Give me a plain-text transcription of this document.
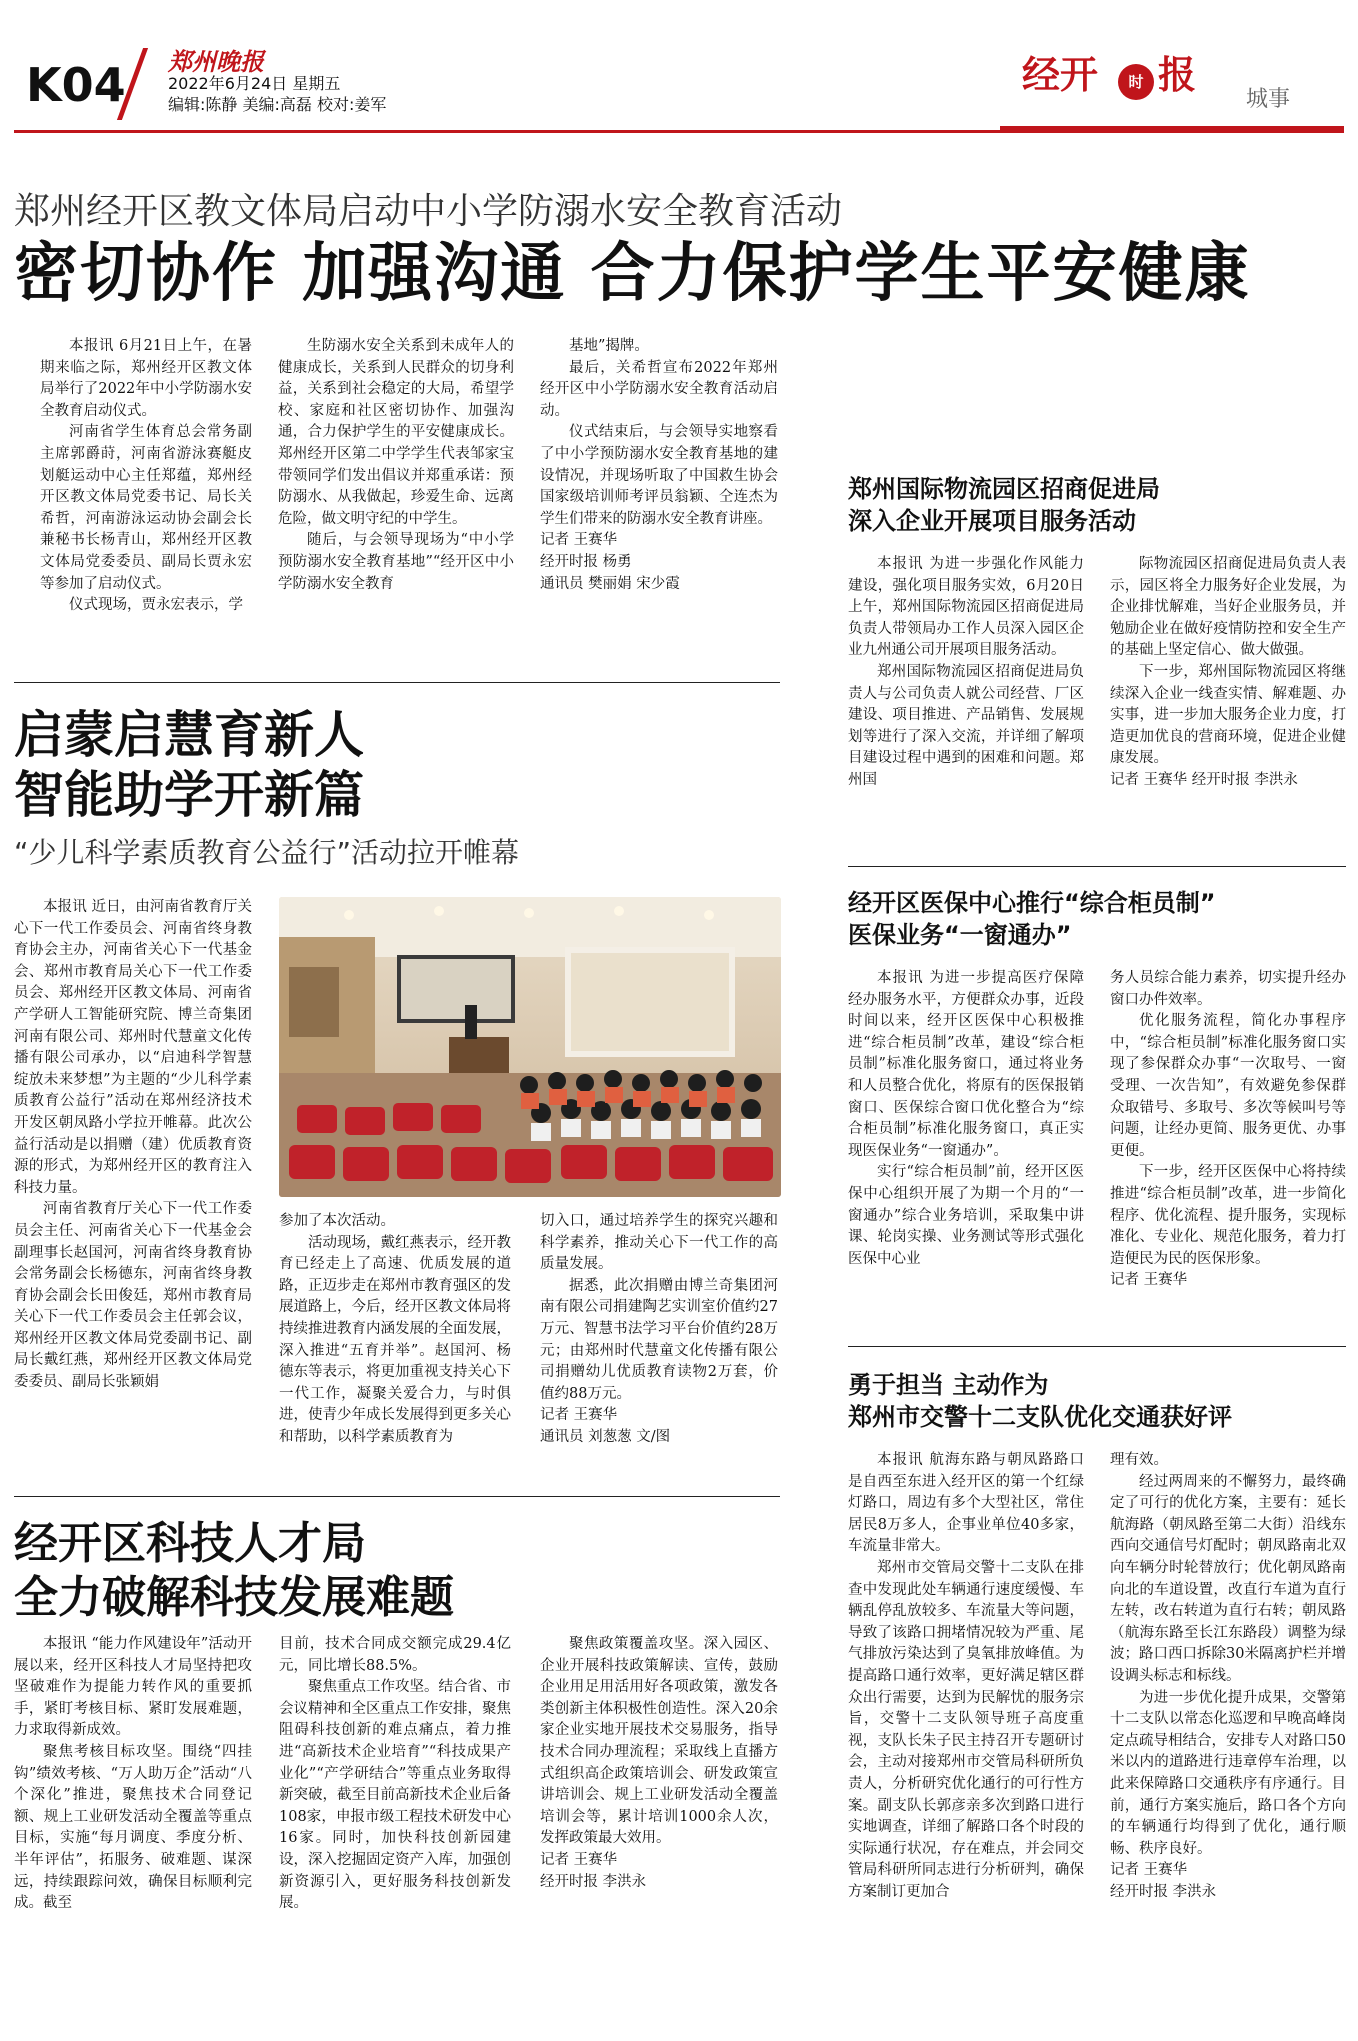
K04 郑州晚报
2022年6月24日 星期五
编辑:陈静 美编:高磊 校对:姜军
经开	时 报
城事
郑州经开区教文体局启动中小学防溺水安全教育活动
密切协作 加强沟通 合力保护学生平安健康

本报讯 6月21日上午，在暑期来临之际，郑州经开区教文体局举行了2022年中小学防溺水安全教育启动仪式。

河南省学生体育总会常务副主席郭爵莳，河南省游泳赛艇皮划艇运动中心主任郑蕴，郑州经开区教文体局党委书记、局长关希哲，河南游泳运动协会副会长兼秘书长杨青山，郑州经开区教文体局党委委员、副局长贾永宏等参加了启动仪式。

仪式现场，贾永宏表示，学

生防溺水安全关系到未成年人的健康成长，关系到人民群众的切身利益，关系到社会稳定的大局，希望学校、家庭和社区密切协作、加强沟通，合力保护学生的平安健康成长。郑州经开区第二中学学生代表邹家宝带领同学们发出倡议并郑重承诺：预防溺水、从我做起，珍爱生命、远离危险，做文明守纪的中学生。

随后，与会领导现场为“中小学预防溺水安全教育基地”“经开区中小学防溺水安全教育

基地”揭牌。

最后，关希哲宣布2022年郑州经开区中小学防溺水安全教育活动启动。

仪式结束后，与会领导实地察看了中小学预防溺水安全教育基地的建设情况，并现场听取了中国救生协会国家级培训师考评员翁颖、仝连杰为学生们带来的防溺水安全教育讲座。

记者 王赛华

经开时报 杨勇

通讯员 樊丽娟 宋少霞

郑州国际物流园区招商促进局
深入企业开展项目服务活动

本报讯 为进一步强化作风能力建设，强化项目服务实效，6月20日上午，郑州国际物流园区招商促进局负责人带领局办工作人员深入园区企业九州通公司开展项目服务活动。

郑州国际物流园区招商促进局负责人与公司负责人就公司经营、厂区建设、项目推进、产品销售、发展规划等进行了深入交流，并详细了解项目建设过程中遇到的困难和问题。郑州国

际物流园区招商促进局负责人表示，园区将全力服务好企业发展，为企业排忧解难，当好企业服务员，并勉励企业在做好疫情防控和安全生产的基础上坚定信心、做大做强。

下一步，郑州国际物流园区将继续深入企业一线查实情、解难题、办实事，进一步加大服务企业力度，打造更加优良的营商环境，促进企业健康发展。

记者 王赛华 经开时报 李洪永

启蒙启慧育新人
智能助学开新篇
“少儿科学素质教育公益行”活动拉开帷幕

本报讯 近日，由河南省教育厅关心下一代工作委员会、河南省终身教育协会主办，河南省关心下一代基金会、郑州市教育局关心下一代工作委员会、郑州经开区教文体局、河南省产学研人工智能研究院、博兰奇集团河南有限公司、郑州时代慧童文化传播有限公司承办，以“启迪科学智慧 绽放未来梦想”为主题的“少儿科学素质教育公益行”活动在郑州经济技术开发区朝凤路小学拉开帷幕。此次公益行活动是以捐赠（建）优质教育资源的形式，为郑州经开区的教育注入科技力量。

河南省教育厅关心下一代工作委员会主任、河南省关心下一代基金会副理事长赵国河，河南省终身教育协会常务副会长杨德东，河南省终身教育协会副会长田俊廷，郑州市教育局关心下一代工作委员会主任郭会议，郑州经开区教文体局党委副书记、副局长戴红燕，郑州经开区教文体局党委委员、副局长张颖娟

参加了本次活动。

活动现场，戴红燕表示，经开教育已经走上了高速、优质发展的道路，正迈步走在郑州市教育强区的发展道路上，今后，经开区教文体局将持续推进教育内涵发展的全面发展，深入推进“五育并举”。赵国河、杨德东等表示，将更加重视支持关心下一代工作，凝聚关爱合力，与时俱进，使青少年成长发展得到更多关心和帮助，以科学素质教育为

切入口，通过培养学生的探究兴趣和科学素养，推动关心下一代工作的高质量发展。

据悉，此次捐赠由博兰奇集团河南有限公司捐建陶艺实训室价值约27万元、智慧书法学习平台价值约28万元；由郑州时代慧童文化传播有限公司捐赠幼儿优质教育读物2万套，价值约88万元。

记者 王赛华

通讯员 刘葱葱 文/图

经开区医保中心推行“综合柜员制”
医保业务“一窗通办”

本报讯 为进一步提高医疗保障经办服务水平，方便群众办事，近段时间以来，经开区医保中心积极推进“综合柜员制”改革，建设“综合柜员制”标准化服务窗口，通过将业务和人员整合优化，将原有的医保报销窗口、医保综合窗口优化整合为“综合柜员制”标准化服务窗口，真正实现医保业务“一窗通办”。

实行“综合柜员制”前，经开区医保中心组织开展了为期一个月的“一窗通办”综合业务培训，采取集中讲课、轮岗实操、业务测试等形式强化医保中心业

务人员综合能力素养，切实提升经办窗口办件效率。

优化服务流程，简化办事程序中，“综合柜员制”标准化服务窗口实现了参保群众办事“一次取号、一窗受理、一次告知”，有效避免参保群众取错号、多取号、多次等候叫号等问题，让经办更简、服务更优、办事更便。

下一步，经开区医保中心将持续推进“综合柜员制”改革，进一步简化程序、优化流程、提升服务，实现标准化、专业化、规范化服务，着力打造便民为民的医保形象。

记者 王赛华

勇于担当 主动作为
郑州市交警十二支队优化交通获好评

本报讯 航海东路与朝凤路路口是自西至东进入经开区的第一个红绿灯路口，周边有多个大型社区，常住居民8万多人，企事业单位40多家，车流量非常大。

郑州市交管局交警十二支队在排查中发现此处车辆通行速度缓慢、车辆乱停乱放较多、车流量大等问题，导致了该路口拥堵情况较为严重、尾气排放污染达到了臭氧排放峰值。为提高路口通行效率，更好满足辖区群众出行需要，达到为民解忧的服务宗旨，交警十二支队领导班子高度重视，支队长朱子民主持召开专题研讨会，主动对接郑州市交管局科研所负责人，分析研究优化通行的可行性方案。副支队长郭彦亲多次到路口进行实地调查，详细了解路口各个时段的实际通行状况，存在难点，并会同交管局科研所同志进行分析研判，确保方案制订更加合

理有效。

经过两周来的不懈努力，最终确定了可行的优化方案，主要有：延长航海路（朝凤路至第二大街）沿线东西向交通信号灯配时；朝凤路南北双向车辆分时轮替放行；优化朝凤路南向北的车道设置，改直行车道为直行左转，改右转道为直行右转；朝凤路（航海东路至长江东路段）调整为绿波；路口西口拆除30米隔离护栏并增设调头标志和标线。

为进一步优化提升成果，交警第十二支队以常态化巡逻和早晚高峰岗定点疏导相结合，安排专人对路口50米以内的道路进行违章停车治理，以此来保障路口交通秩序有序通行。目前，通行方案实施后，路口各个方向的车辆通行均得到了优化，通行顺畅、秩序良好。

记者 王赛华

经开时报 李洪永

经开区科技人才局
全力破解科技发展难题

本报讯 “能力作风建设年”活动开展以来，经开区科技人才局坚持把攻坚破难作为提能力转作风的重要抓手，紧盯考核目标、紧盯发展难题，力求取得新成效。

聚焦考核目标攻坚。围绕“四挂钩”绩效考核、“万人助万企”活动“八个深化”推进，聚焦技术合同登记额、规上工业研发活动全覆盖等重点目标，实施“每月调度、季度分析、半年评估”，拓服务、破难题、谋深远，持续跟踪问效，确保目标顺利完成。截至

目前，技术合同成交额完成29.4亿元，同比增长88.5%。

聚焦重点工作攻坚。结合省、市会议精神和全区重点工作安排，聚焦阻碍科技创新的难点痛点，着力推进“高新技术企业培育”“科技成果产业化”“产学研结合”等重点业务取得新突破，截至目前高新技术企业后备108家，申报市级工程技术研发中心16家。同时，加快科技创新园建设，深入挖掘固定资产入库，加强创新资源引入，更好服务科技创新发展。

聚焦政策覆盖攻坚。深入园区、企业开展科技政策解读、宣传，鼓励企业用足用活用好各项政策，激发各类创新主体积极性创造性。深入20余家企业实地开展技术交易服务，指导技术合同办理流程；采取线上直播方式组织高企政策培训会、研发政策宣讲培训会、规上工业研发活动全覆盖培训会等，累计培训1000余人次，发挥政策最大效用。

记者 王赛华

经开时报 李洪永
